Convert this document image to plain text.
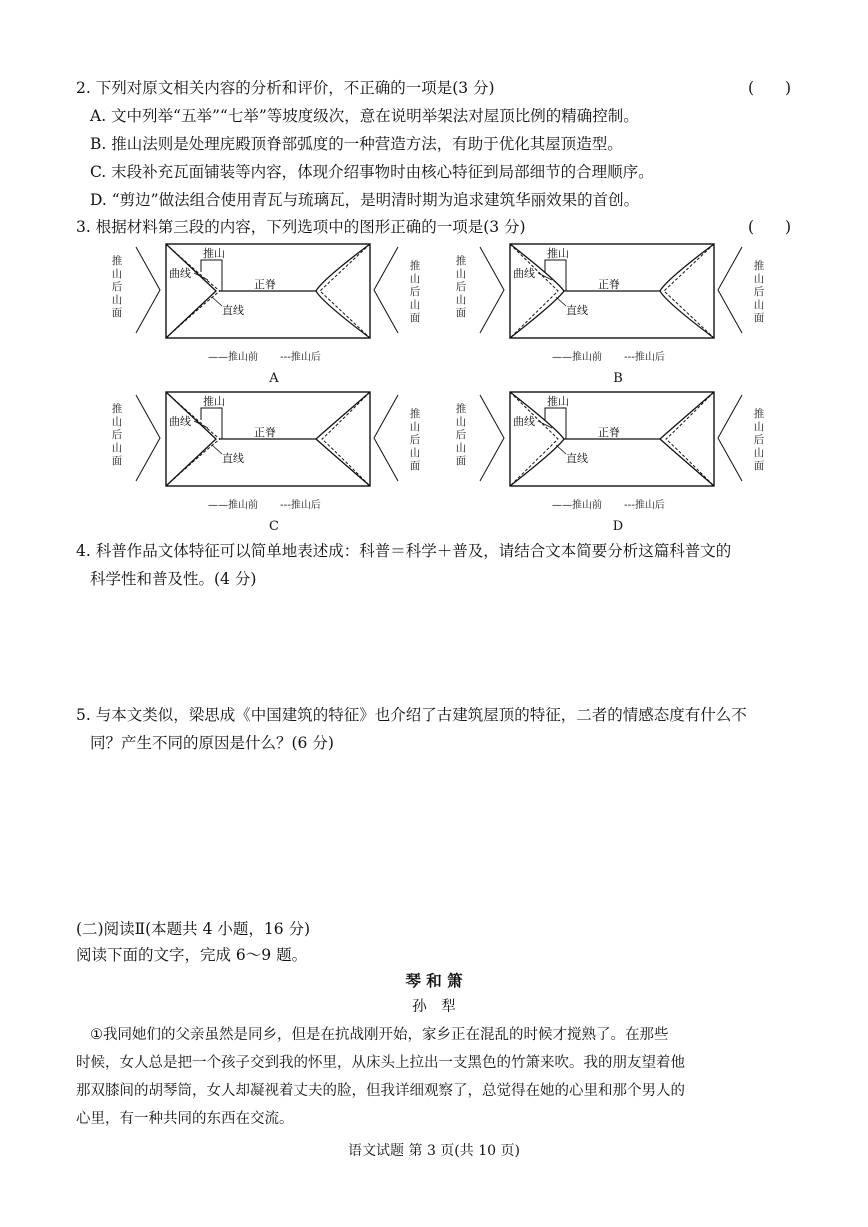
2. 下列对原文相关内容的分析和评价，不正确的一项是(3 分)	(　　)
A. 文中列举“五举”“七举”等坡度级次，意在说明举架法对屋顶比例的精确控制。
B. 推山法则是处理庑殿顶脊部弧度的一种营造方法，有助于优化其屋顶造型。
C. 末段补充瓦面铺装等内容，体现介绍事物时由核心特征到局部细节的合理顺序。
D. “剪边”做法组合使用青瓦与琉璃瓦，是明清时期为追求建筑华丽效果的首创。
3. 根据材料第三段的内容，下列选项中的图形正确的一项是(3 分)	(　　)
推
山
后
山
面
推
山
后
山
面
推山
曲线
正脊
直线
——推山前 ---推山后
A
推
山
后
山
面
推
山
后
山
面
推山
曲线
正脊
直线
——推山前 ---推山后
B
推
山
后
山
面
推
山
后
山
面
推山
曲线
正脊
直线
——推山前 ---推山后
C
推
山
后
山
面
推
山
后
山
面
推山
曲线
正脊
直线
——推山前 ---推山后
D
4. 科普作品文体特征可以简单地表述成：科普＝科学＋普及，请结合文本简要分析这篇科普文的
科学性和普及性。(4 分)
5. 与本文类似，梁思成《中国建筑的特征》也介绍了古建筑屋顶的特征，二者的情感态度有什么不
同？产生不同的原因是什么？(6 分)
(二)阅读Ⅱ(本题共 4 小题，16 分)
阅读下面的文字，完成 6～9 题。
琴 和 箫
孙　犁
①我同她们的父亲虽然是同乡，但是在抗战刚开始，家乡正在混乱的时候才搅熟了。在那些
时候，女人总是把一个孩子交到我的怀里，从床头上拉出一支黑色的竹箫来吹。我的朋友望着他
那双膝间的胡琴筒，女人却凝视着丈夫的脸，但我详细观察了，总觉得在她的心里和那个男人的
心里，有一种共同的东西在交流。
语文试题 第 3 页(共 10 页)
